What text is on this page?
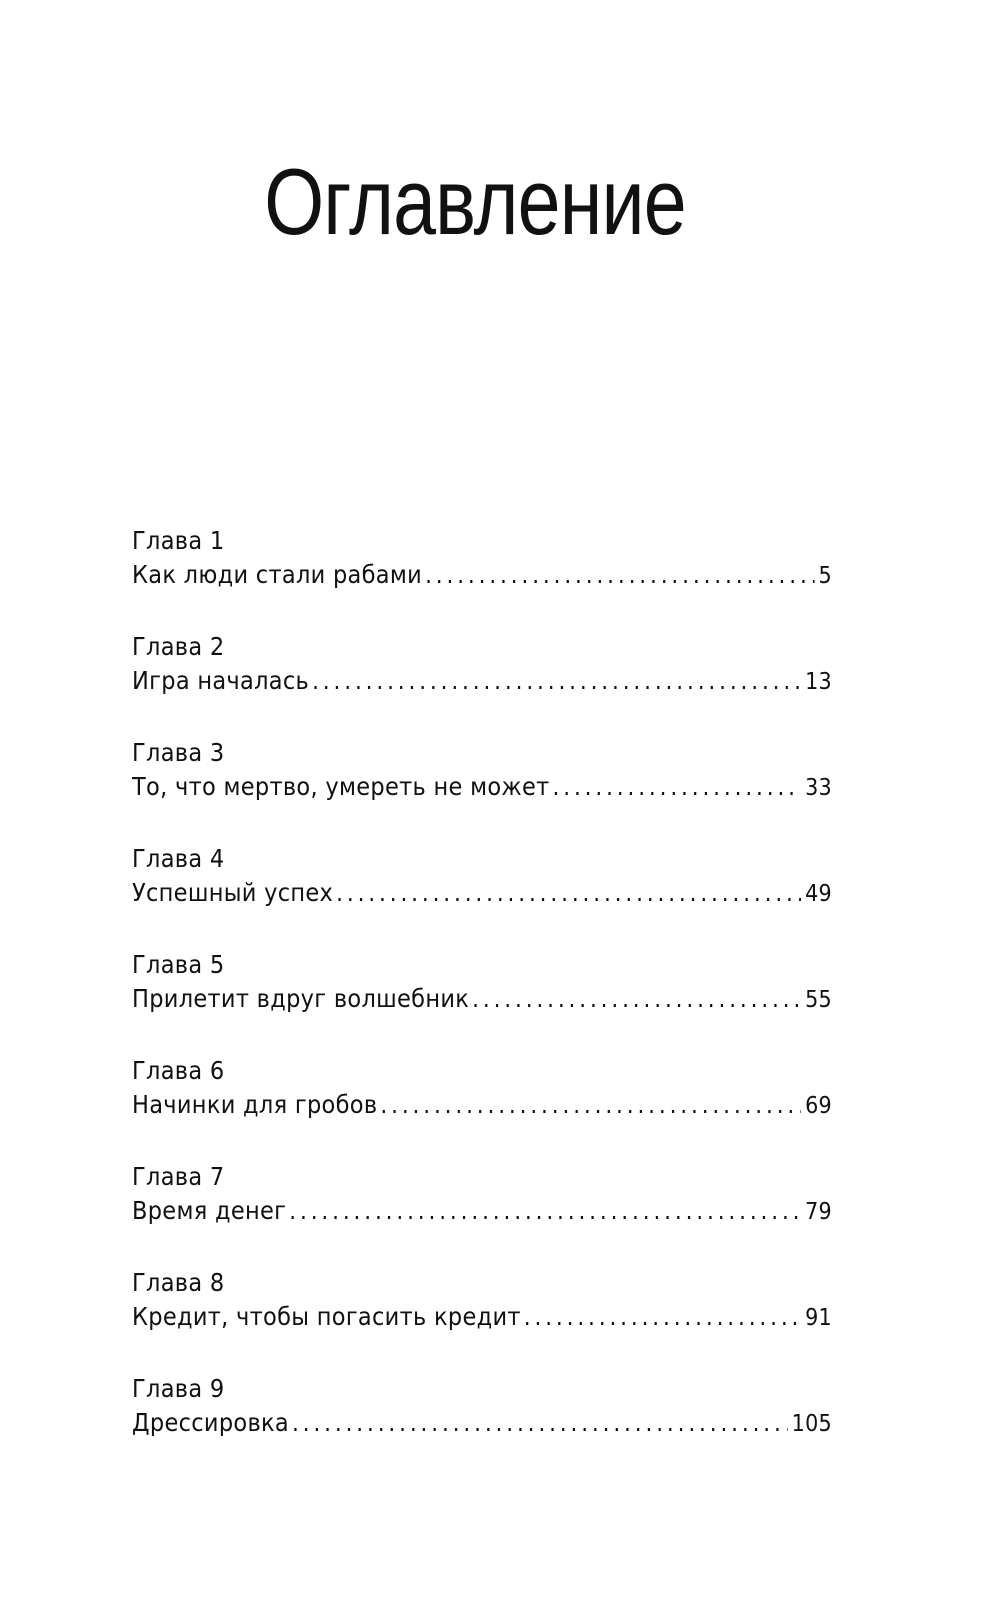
Оглавление
Глава 1
Как люди стали рабами . . .	5
Глава 2
Игра началась . . .	13
Глава 3
То, что мертво, умереть не может . . .	33
Глава 4
Успешный успех . . .	49
Глава 5
Прилетит вдруг волшебник . . .	55
Глава 6
Начинки для гробов . . .	69
Глава 7
Время денег . . .	79
Глава 8
Кредит, чтобы погасить кредит . . .	91
Глава 9
Дрессировка . . .	105
